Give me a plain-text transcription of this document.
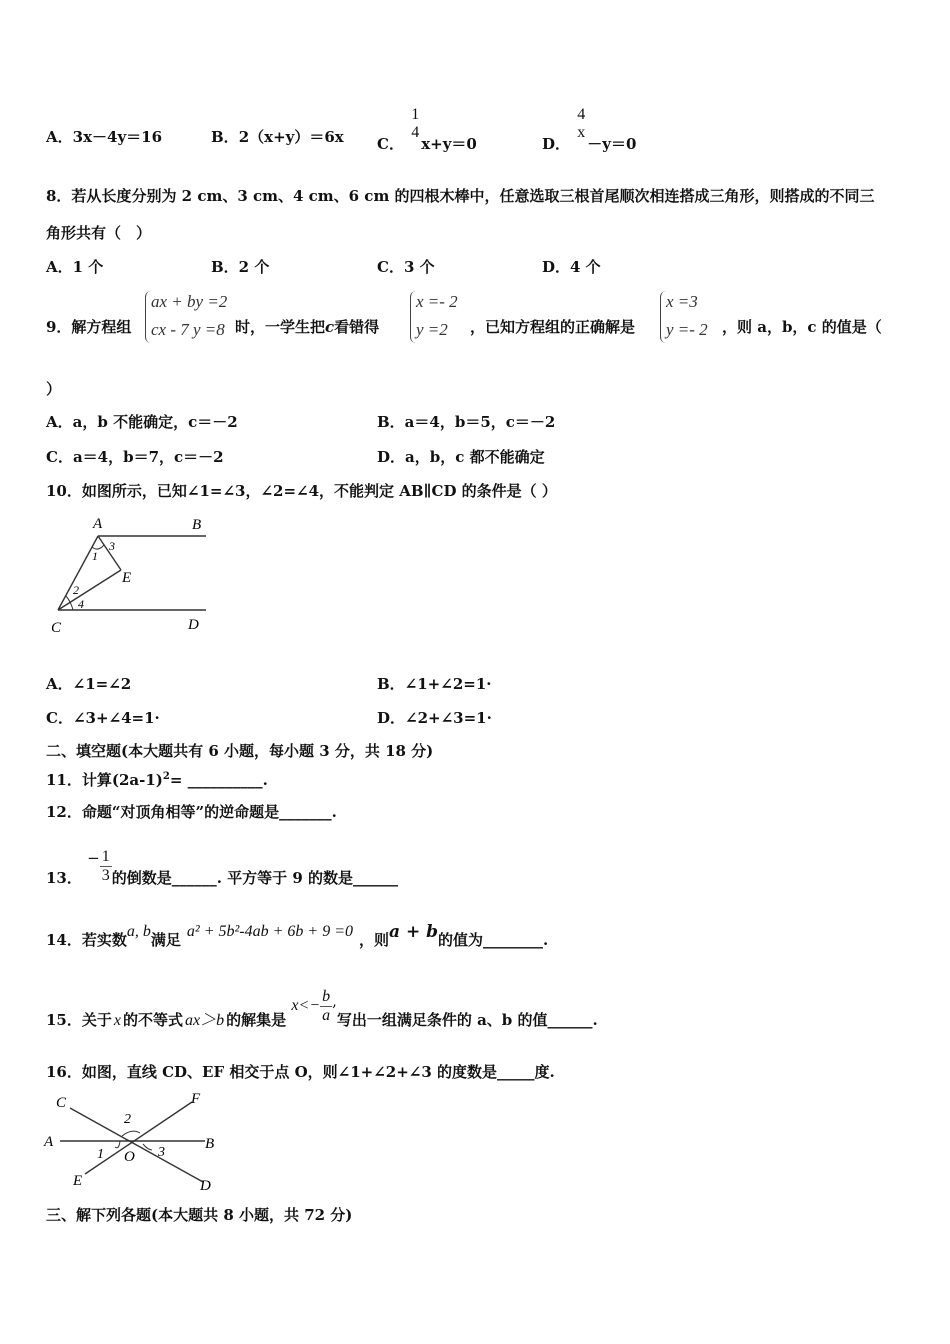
A．3x－4y＝16	B．2（x+y）＝6x C．
1
4
x+y＝0	D．
4
x
－y＝0
8．若从长度分别为 2 cm、3 cm、4 cm、6 cm 的四根木棒中，任意选取三根首尾顺次相连搭成三角形，则搭成的不同三
角形共有（　）
A．1 个	B．2 个	C．3 个	D．4 个
9．解方程组
ax + by =2
cx - 7 y =8 时，一学生把c看错得
x =- 2
y =2	，已知方程组的正确解是
x =3
y =- 2 ，则 a，b，c 的值是（
）
A．a，b 不能确定，c＝－2	B．a＝4，b＝5，c＝－2
C．a＝4，b＝7，c＝－2	D．a，b，c 都不能确定
10．如图所示，已知∠1=∠3，∠2=∠4，不能判定 AB∥CD 的条件是（ ）
A	B
C	D
E
1
3
2
4
A．∠1=∠2	B．∠1+∠2=1·
C．∠3+∠4=1·	D．∠2+∠3=1·
二、填空题(本大题共有 6 小题，每小题 3 分，共 18 分)
11．计算$(2a-1)^2=$ __________.
12．命题“对顶角相等”的逆命题是_______.
13． − $\frac{1}{3}$ 的倒数是______. 平方等于 9 的数是______
14．若实数a, b满足 a² + 5b²-4ab + 6b + 9 =0 ，则a + b的值为________.
15．关于 x 的不等式 ax＞b 的解集是 $x<- \frac{b}{a}$ ,写出一组满足条件的 a、b 的值______.
16．如图，直线 CD、EF 相交于点 O，则∠1+∠2+∠3 的度数是_____度.
C	F
A	B
E	D
O
2
1	3
三、解下列各题(本大题共 8 小题，共 72 分)
